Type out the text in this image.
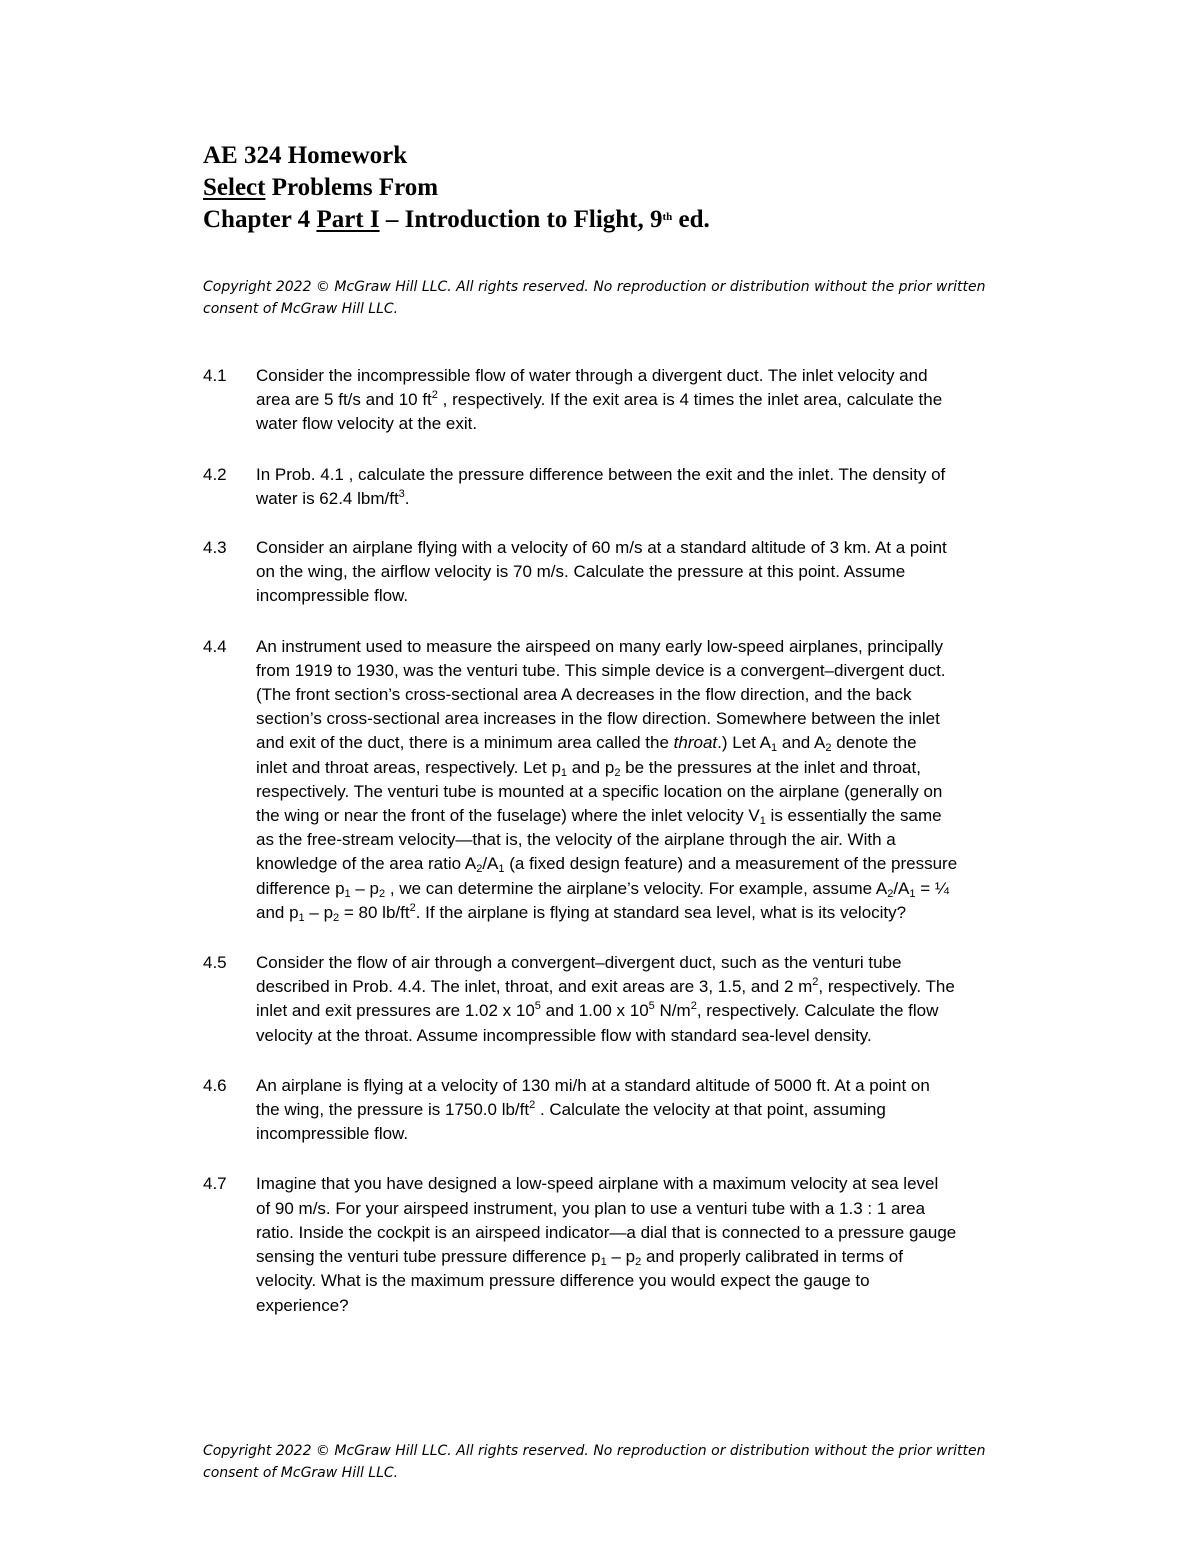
AE 324 Homework

Select Problems From

Chapter 4 Part I – Introduction to Flight, 9th ed.

Copyright 2022 © McGraw Hill LLC. All rights reserved. No reproduction or distribution without the prior written
consent of McGraw Hill LLC.
4.1 Consider the incompressible flow of water through a divergent duct. The inlet velocity and
area are 5 ft/s and 10 $ft^2$ , respectively. If the exit area is 4 times the inlet area, calculate the
water flow velocity at the exit.
4.2 In Prob. 4.1 , calculate the pressure difference between the exit and the inlet. The density of
water is 62.4 lbm/$ft^3$.
4.3 Consider an airplane flying with a velocity of 60 m/s at a standard altitude of 3 km. At a point
on the wing, the airflow velocity is 70 m/s. Calculate the pressure at this point. Assume
incompressible flow.
4.4 An instrument used to measure the airspeed on many early low-speed airplanes, principally
from 1919 to 1930, was the venturi tube. This simple device is a convergent–divergent duct.
(The front section’s cross-sectional area A decreases in the flow direction, and the back
section’s cross-sectional area increases in the flow direction. Somewhere between the inlet
and exit of the duct, there is a minimum area called the throat.) Let $A_1$ and $A_2$ denote the
inlet and throat areas, respectively. Let $p_1$ and $p_2$ be the pressures at the inlet and throat,
respectively. The venturi tube is mounted at a specific location on the airplane (generally on
the wing or near the front of the fuselage) where the inlet velocity $V_1$ is essentially the same
as the free-stream velocity—that is, the velocity of the airplane through the air. With a
knowledge of the area ratio $A_2/A_1$ (a fixed design feature) and a measurement of the pressure
difference $p_1 - p_2$ , we can determine the airplane’s velocity. For example, assume $A_2/A_1$ = ¼
and $p_1 - p_2 = 80$ $lb/ft^2$. If the airplane is flying at standard sea level, what is its velocity?
4.5 Consider the flow of air through a convergent–divergent duct, such as the venturi tube
described in Prob. 4.4. The inlet, throat, and exit areas are 3, 1.5, and 2 $m^2$, respectively. The
inlet and exit pressures are 1.02 x $10^5$ and 1.00 x $10^5$ $N/m^2$, respectively. Calculate the flow
velocity at the throat. Assume incompressible flow with standard sea-level density.
4.6 An airplane is flying at a velocity of 130 mi/h at a standard altitude of 5000 ft. At a point on
the wing, the pressure is 1750.0 $lb/ft^2$ . Calculate the velocity at that point, assuming
incompressible flow.
4.7 Imagine that you have designed a low-speed airplane with a maximum velocity at sea level
of 90 m/s. For your airspeed instrument, you plan to use a venturi tube with a 1.3 : 1 area
ratio. Inside the cockpit is an airspeed indicator—a dial that is connected to a pressure gauge
sensing the venturi tube pressure difference $p_1 - p_2$ and properly calibrated in terms of
velocity. What is the maximum pressure difference you would expect the gauge to
experience?
Copyright 2022 © McGraw Hill LLC. All rights reserved. No reproduction or distribution without the prior written
consent of McGraw Hill LLC.
